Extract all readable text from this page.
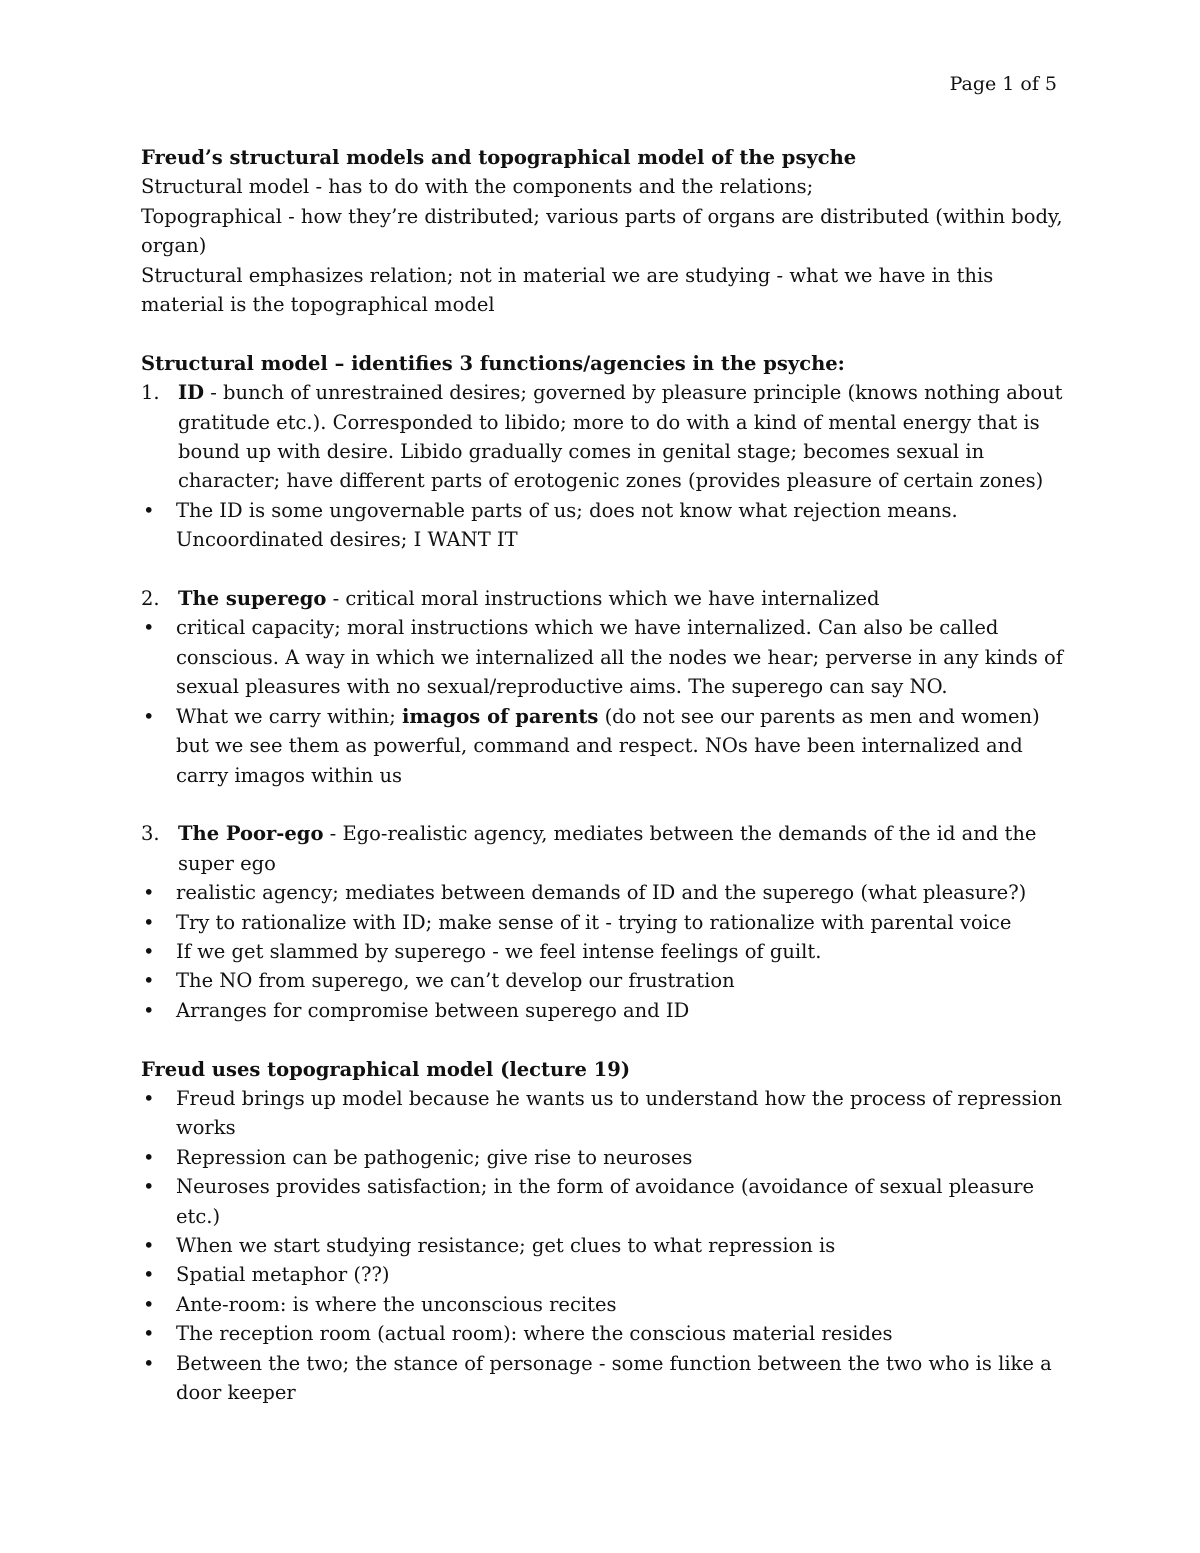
Page 1 of 5

Freud’s structural models and topographical model of the psyche

Structural model - has to do with the components and the relations;

Topographical - how they’re distributed; various parts of organs are distributed (within body, organ)

Structural emphasizes relation; not in material we are studying - what we have in this material is the topographical model

Structural model – identifies 3 functions/agencies in the psyche:

1. ID - bunch of unrestrained desires; governed by pleasure principle (knows nothing about gratitude etc.). Corresponded to libido; more to do with a kind of mental energy that is bound up with desire. Libido gradually comes in genital stage; becomes sexual in character; have different parts of erotogenic zones (provides pleasure of certain zones)
•	The ID is some ungovernable parts of us; does not know what rejection means. Uncoordinated desires; I WANT IT
2. The superego - critical moral instructions which we have internalized
•	critical capacity; moral instructions which we have internalized. Can also be called conscious. A way in which we internalized all the nodes we hear; perverse in any kinds of sexual pleasures with no sexual/reproductive aims. The superego can say NO.
•	What we carry within; imagos of parents (do not see our parents as men and women) but we see them as powerful, command and respect. NOs have been internalized and carry imagos within us
3. The Poor-ego - Ego-realistic agency, mediates between the demands of the id and the super ego
•	realistic agency; mediates between demands of ID and the superego (what pleasure?)
•	Try to rationalize with ID; make sense of it - trying to rationalize with parental voice
•	If we get slammed by superego - we feel intense feelings of guilt.
•	The NO from superego, we can’t develop our frustration
•	Arranges for compromise between superego and ID

Freud uses topographical model (lecture 19)

•	Freud brings up model because he wants us to understand how the process of repression works
•	Repression can be pathogenic; give rise to neuroses
•	Neuroses provides satisfaction; in the form of avoidance (avoidance of sexual pleasure etc.)
•	When we start studying resistance; get clues to what repression is
•	Spatial metaphor (??)
•	Ante-room: is where the unconscious recites
•	The reception room (actual room): where the conscious material resides
•	Between the two; the stance of personage - some function between the two who is like a door keeper
